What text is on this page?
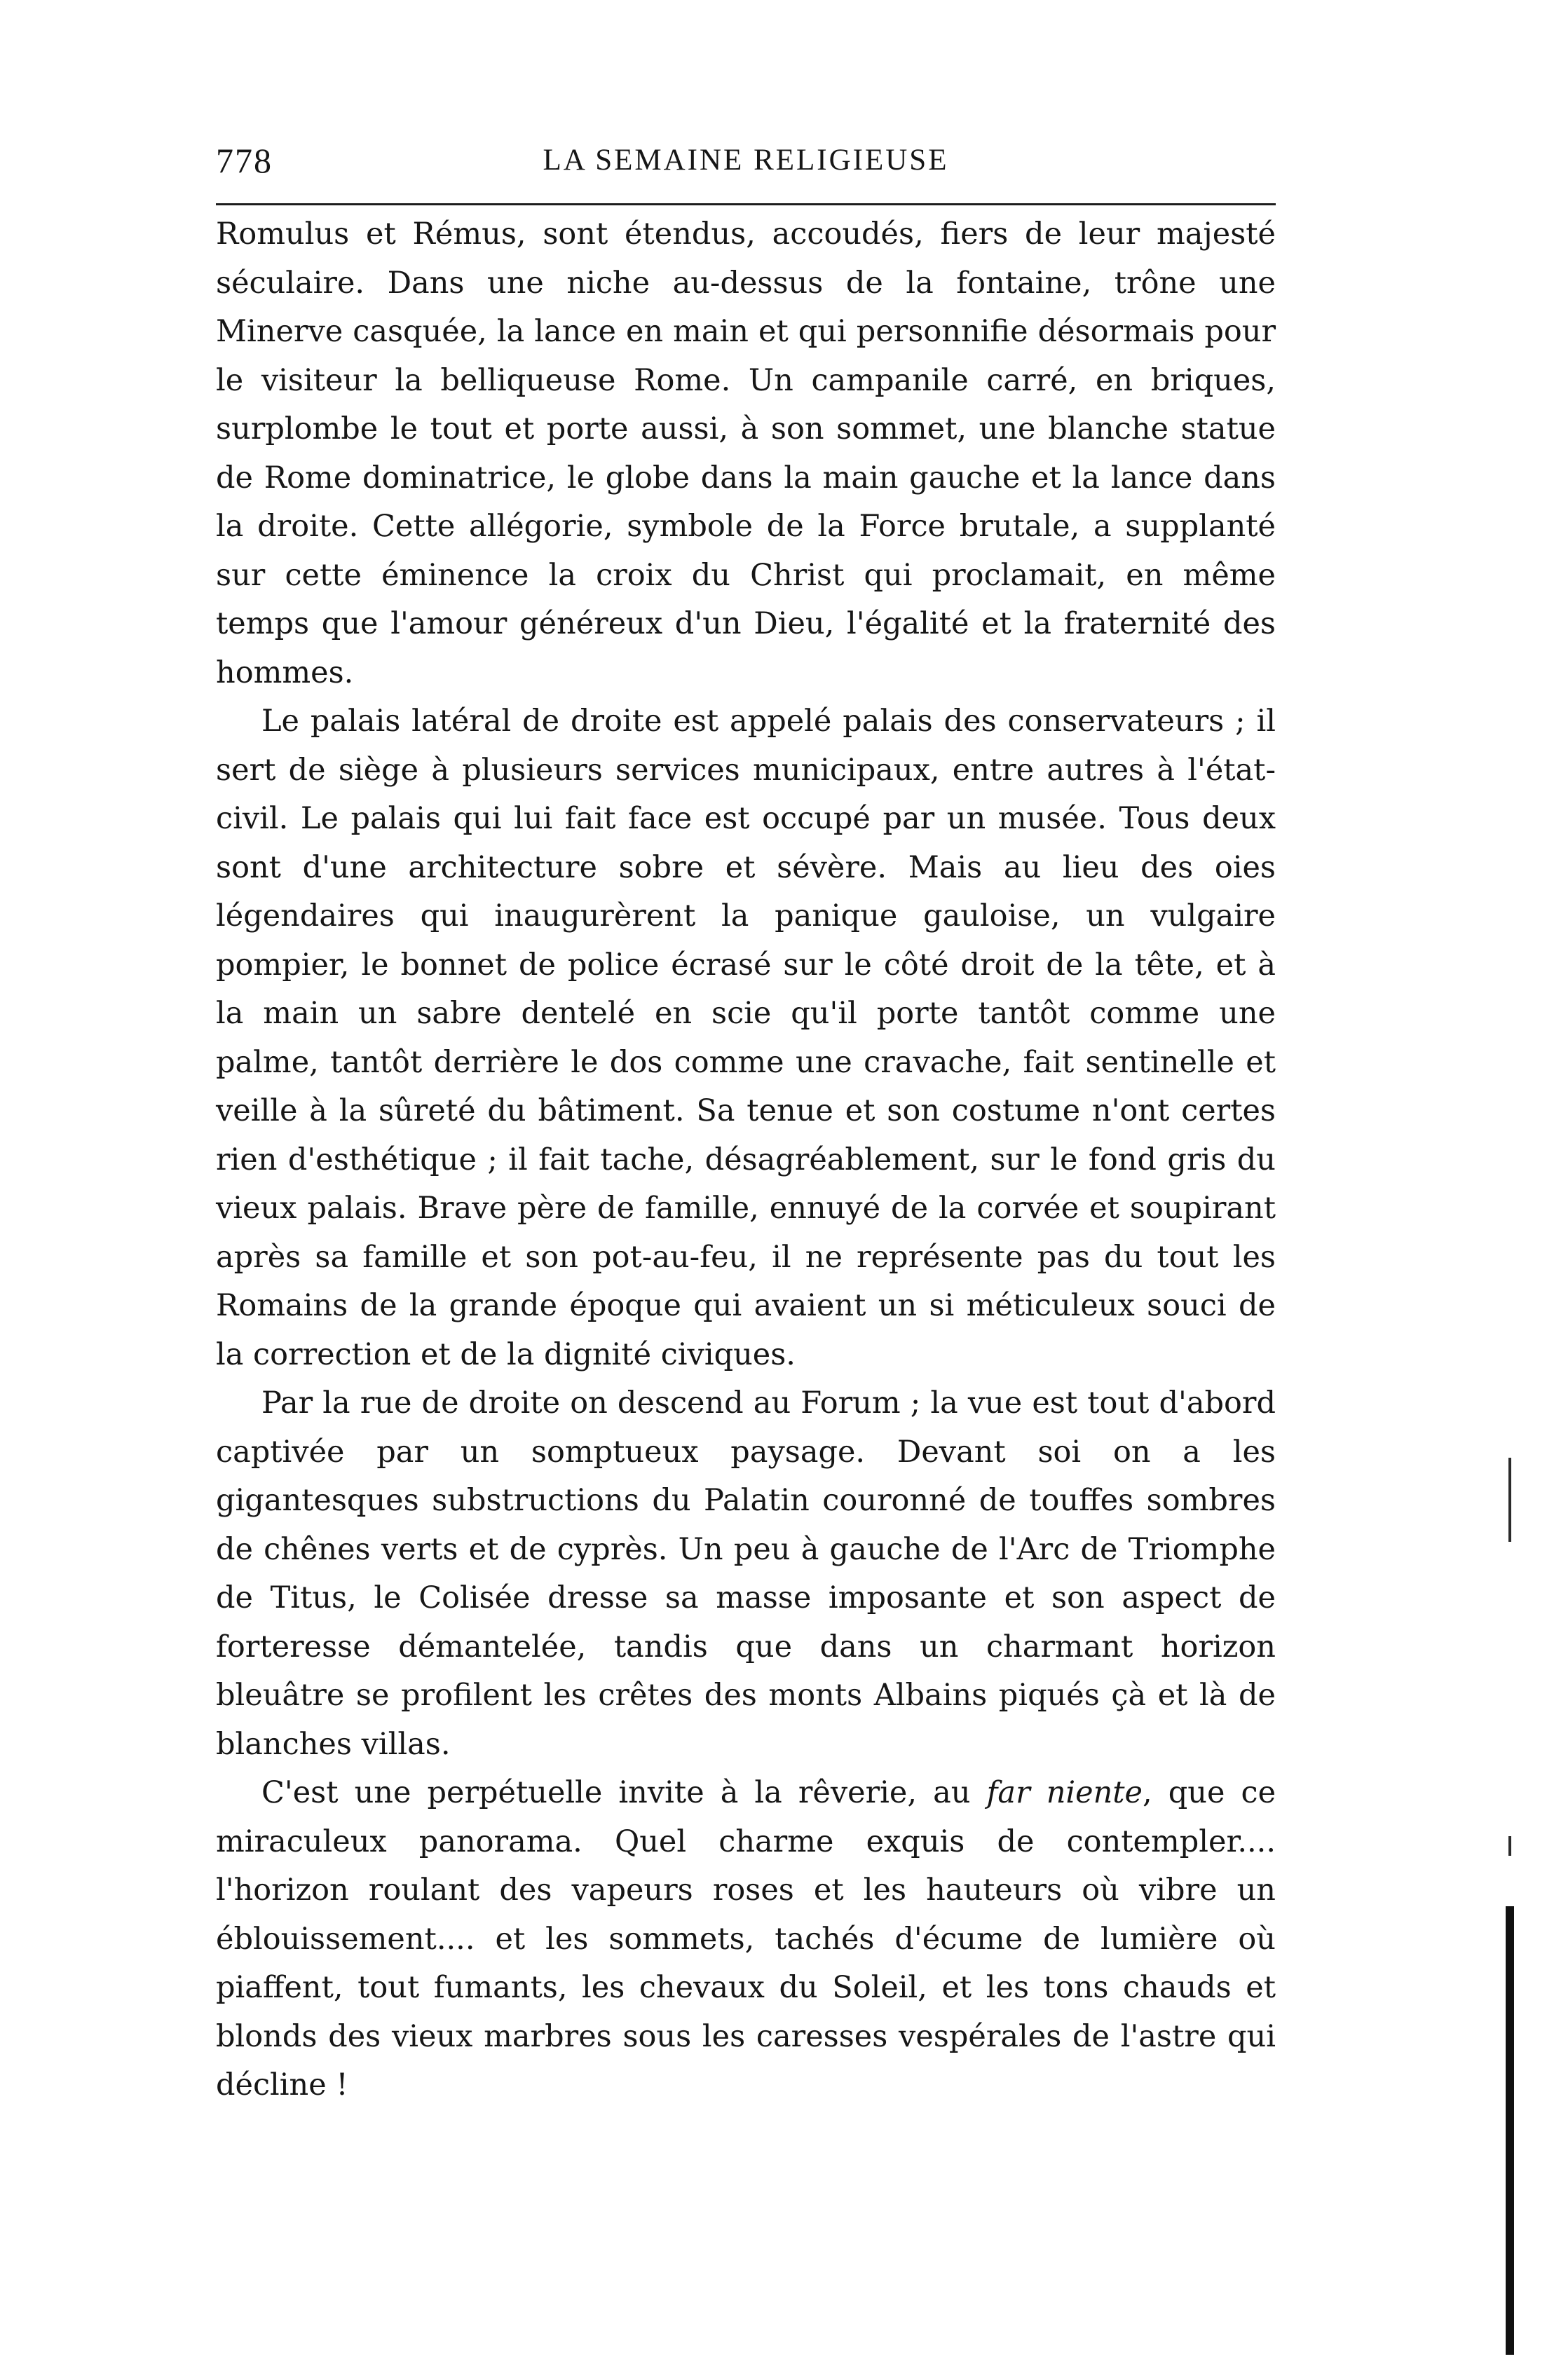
778	LA SEMAINE RELIGIEUSE

Romulus et Rémus, sont étendus, accoudés, fiers de leur majesté séculaire. Dans une niche au-dessus de la fontaine, trône une Minerve casquée, la lance en main et qui personnifie désormais pour le visiteur la belliqueuse Rome. Un campanile carré, en briques, surplombe le tout et porte aussi, à son sommet, une blanche statue de Rome dominatrice, le globe dans la main gauche et la lance dans la droite. Cette allégorie, symbole de la Force brutale, a supplanté sur cette éminence la croix du Christ qui proclamait, en même temps que l'amour généreux d'un Dieu, l'égalité et la fraternité des hommes.

Le palais latéral de droite est appelé palais des conservateurs ; il sert de siège à plusieurs services municipaux, entre autres à l'état-civil. Le palais qui lui fait face est occupé par un musée. Tous deux sont d'une architecture sobre et sévère. Mais au lieu des oies légendaires qui inaugurèrent la panique gauloise, un vulgaire pompier, le bonnet de police écrasé sur le côté droit de la tête, et à la main un sabre dentelé en scie qu'il porte tantôt comme une palme, tantôt derrière le dos comme une cravache, fait sentinelle et veille à la sûreté du bâtiment. Sa tenue et son costume n'ont certes rien d'esthétique ; il fait tache, désagréablement, sur le fond gris du vieux palais. Brave père de famille, ennuyé de la corvée et soupirant après sa famille et son pot-au-feu, il ne représente pas du tout les Romains de la grande époque qui avaient un si méticuleux souci de la correction et de la dignité civiques.

Par la rue de droite on descend au Forum ; la vue est tout d'abord captivée par un somptueux paysage. Devant soi on a les gigantesques substructions du Palatin couronné de touffes sombres de chênes verts et de cyprès. Un peu à gauche de l'Arc de Triomphe de Titus, le Colisée dresse sa masse imposante et son aspect de forteresse démantelée, tandis que dans un charmant horizon bleuâtre se profilent les crêtes des monts Albains piqués çà et là de blanches villas.

C'est une perpétuelle invite à la rêverie, au far niente, que ce miraculeux panorama. Quel charme exquis de contempler.... l'horizon roulant des vapeurs roses et les hauteurs où vibre un éblouissement.... et les sommets, tachés d'écume de lumière où piaffent, tout fumants, les chevaux du Soleil, et les tons chauds et blonds des vieux marbres sous les caresses vespérales de l'astre qui décline !
